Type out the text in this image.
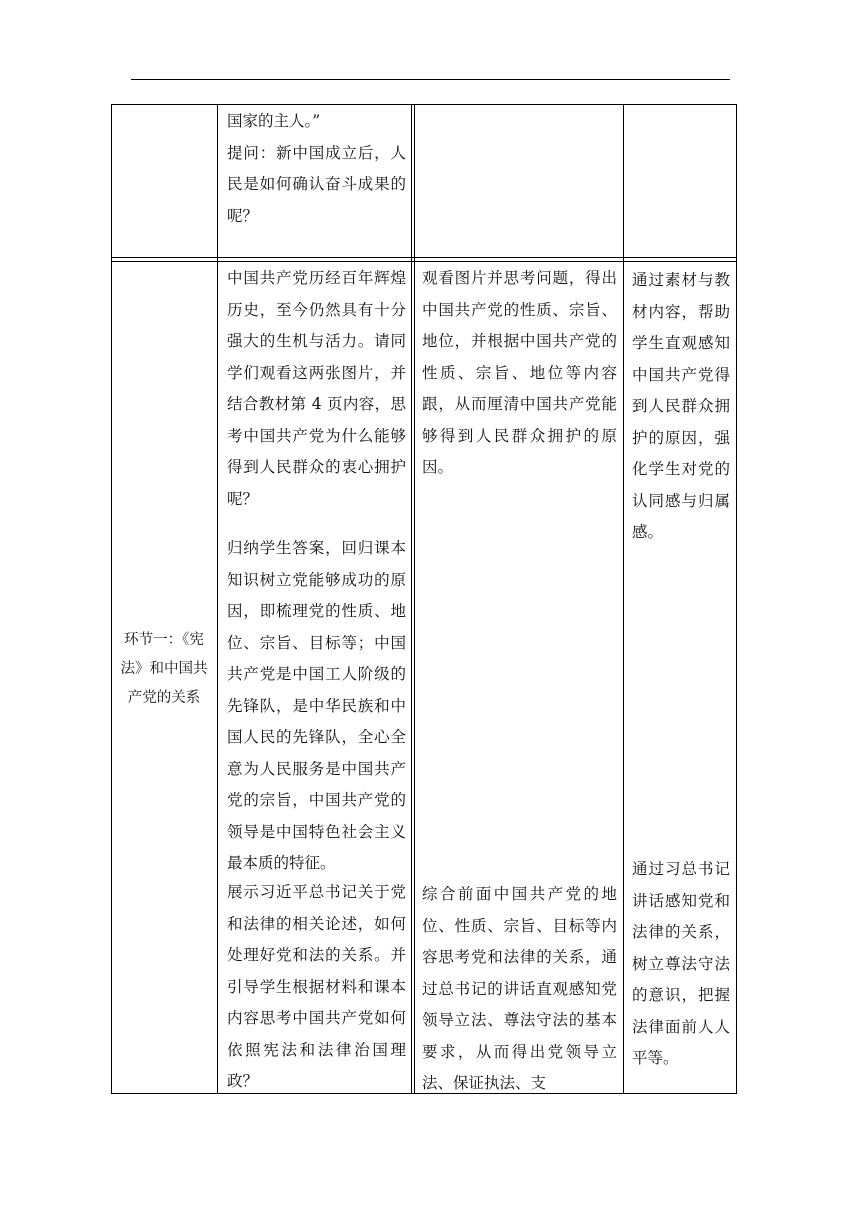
国家的主人。”
提问：新中国成立后，人民是如何确认奋斗成果的呢？
环节一：《宪法》和中国共产党的关系
中国共产党历经百年辉煌历史，至今仍然具有十分强大的生机与活力。请同学们观看这两张图片，并结合教材第 4 页内容，思考中国共产党为什么能够得到人民群众的衷心拥护呢？
归纳学生答案，回归课本知识树立党能够成功的原因，即梳理党的性质、地位、宗旨、目标等；中国共产党是中国工人阶级的先锋队，是中华民族和中国人民的先锋队，全心全意为人民服务是中国共产党的宗旨，中国共产党的领导是中国特色社会主义最本质的特征。
展示习近平总书记关于党和法律的相关论述，如何处理好党和法的关系。并引导学生根据材料和课本内容思考中国共产党如何依照宪法和法律治国理政？
观看图片并思考问题，得出中国共产党的性质、宗旨、地位，并根据中国共产党的性质、宗旨、地位等内容跟，从而厘清中国共产党能够得到人民群众拥护的原因。
综合前面中国共产党的地位、性质、宗旨、目标等内容思考党和法律的关系，通过总书记的讲话直观感知党领导立法、尊法守法的基本要求，从而得出党领导立法、保证执法、支
通过素材与教材内容，帮助学生直观感知中国共产党得到人民群众拥护的原因，强化学生对党的认同感与归属感。
通过习总书记讲话感知党和法律的关系，树立尊法守法的意识，把握法律面前人人平等。
